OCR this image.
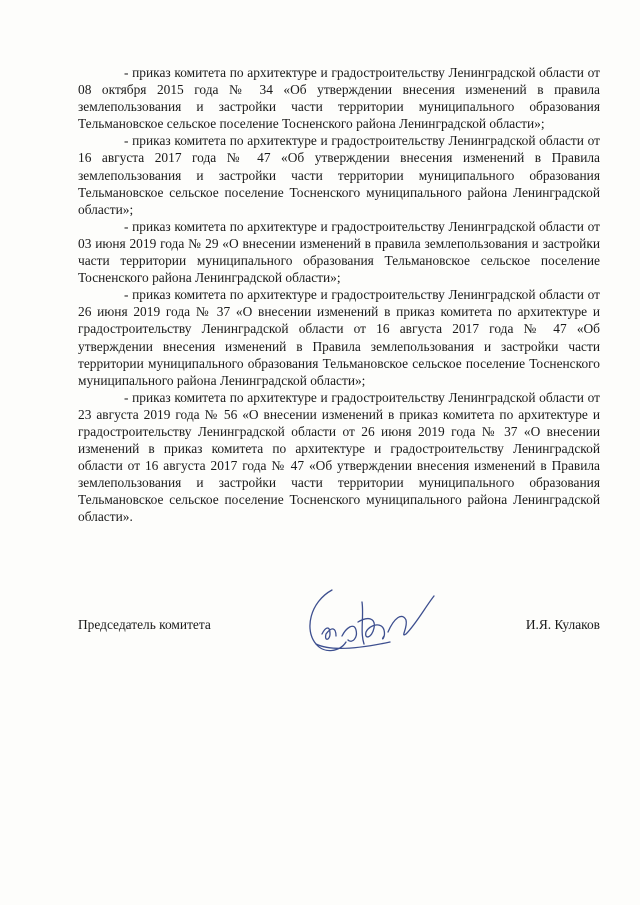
- приказ комитета по архитектуре и градостроительству Ленинградской области от 08 октября 2015 года № 34 «Об утверждении внесения изменений в правила землепользования и застройки части территории муниципального образования Тельмановское сельское поселение Тосненского района Ленинградской области»;

- приказ комитета по архитектуре и градостроительству Ленинградской области от 16 августа 2017 года № 47 «Об утверждении внесения изменений в Правила землепользования и застройки части территории муниципального образования Тельмановское сельское поселение Тосненского муниципального района Ленинградской области»;

- приказ комитета по архитектуре и градостроительству Ленинградской области от 03 июня 2019 года № 29 «О внесении изменений в правила землепользования и застройки части территории муниципального образования Тельмановское сельское поселение Тосненского района Ленинградской области»;

- приказ комитета по архитектуре и градостроительству Ленинградской области от 26 июня 2019 года № 37 «О внесении изменений в приказ комитета по архитектуре и градостроительству Ленинградской области от 16 августа 2017 года № 47 «Об утверждении внесения изменений в Правила землепользования и застройки части территории муниципального образования Тельмановское сельское поселение Тосненского муниципального района Ленинградской области»;

- приказ комитета по архитектуре и градостроительству Ленинградской области от 23 августа 2019 года № 56 «О внесении изменений в приказ комитета по архитектуре и градостроительству Ленинградской области от 26 июня 2019 года № 37 «О внесении изменений в приказ комитета по архитектуре и градостроительству Ленинградской области от 16 августа 2017 года № 47 «Об утверждении внесения изменений в Правила землепользования и застройки части территории муниципального образования Тельмановское сельское поселение Тосненского муниципального района Ленинградской области».

Председатель комитета	И.Я. Кулаков
